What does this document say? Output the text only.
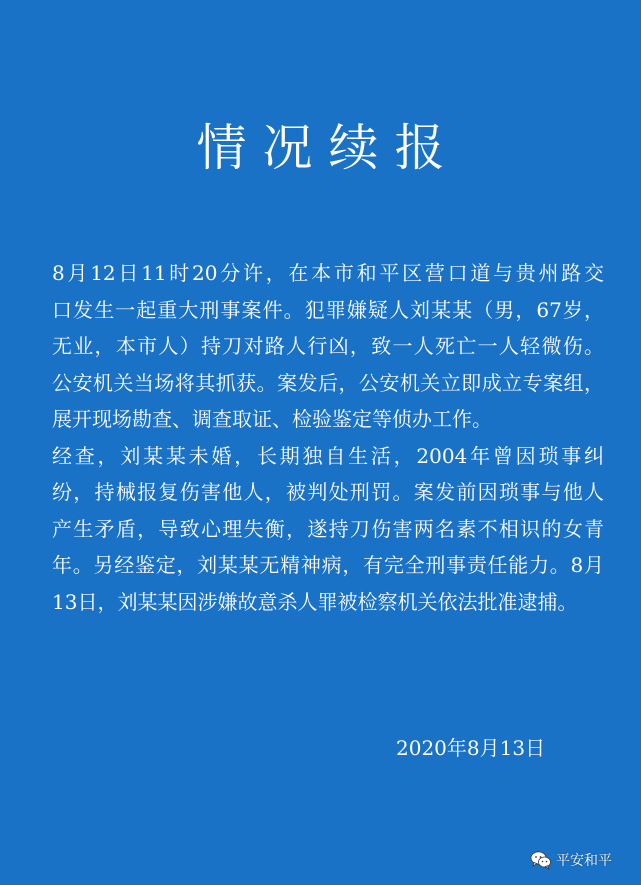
情况续报
8月12日11时20分许，在本市和平区营口道与贵州路交
口发生一起重大刑事案件。犯罪嫌疑人刘某某（男，67岁，
无业，本市人）持刀对路人行凶，致一人死亡一人轻微伤。
公安机关当场将其抓获。案发后，公安机关立即成立专案组，
展开现场勘查、调查取证、检验鉴定等侦办工作。
经查，刘某某未婚，长期独自生活，2004年曾因琐事纠
纷，持械报复伤害他人，被判处刑罚。案发前因琐事与他人
产生矛盾，导致心理失衡，遂持刀伤害两名素不相识的女青
年。另经鉴定，刘某某无精神病，有完全刑事责任能力。8月
13日，刘某某因涉嫌故意杀人罪被检察机关依法批准逮捕。
2020年8月13日
平安和平
